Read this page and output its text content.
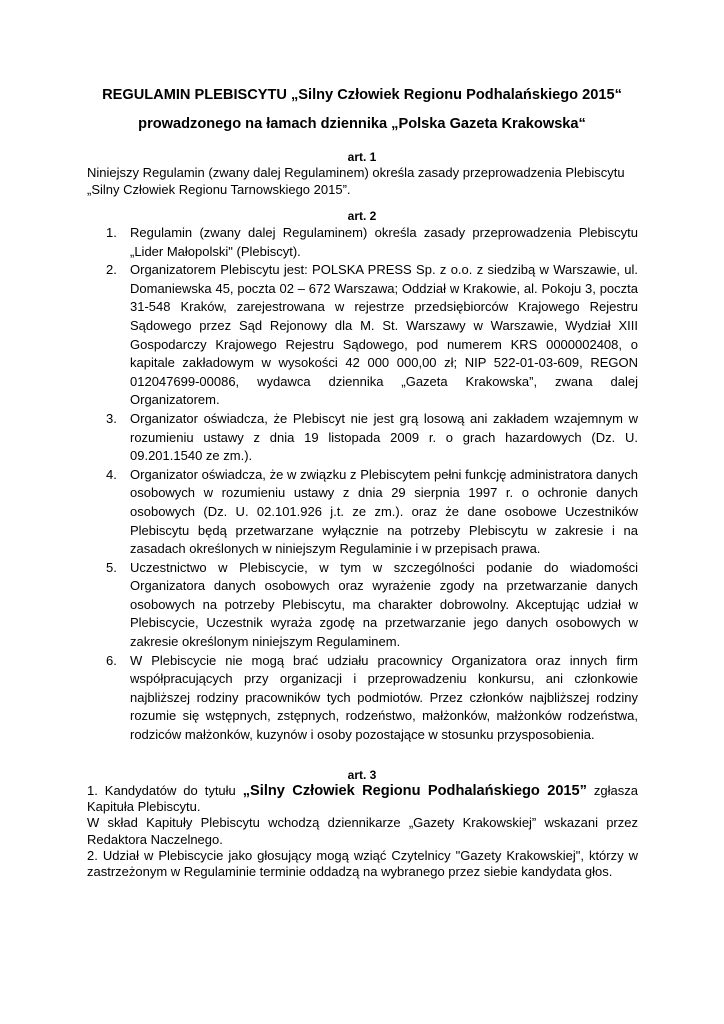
REGULAMIN PLEBISCYTU „Silny Człowiek Regionu Podhalańskiego 2015“
prowadzonego na łamach dziennika „Polska Gazeta Krakowska“
art. 1
Niniejszy Regulamin (zwany dalej Regulaminem) określa zasady przeprowadzenia Plebiscytu „Silny Człowiek Regionu Tarnowskiego 2015”.
art. 2
1. Regulamin (zwany dalej Regulaminem) określa zasady przeprowadzenia Plebiscytu „Lider Małopolski" (Plebiscyt).
2. Organizatorem Plebiscytu jest: POLSKA PRESS Sp. z o.o. z siedzibą w Warszawie, ul. Domaniewska 45, poczta 02 – 672 Warszawa; Oddział w Krakowie, al. Pokoju 3, poczta 31-548 Kraków, zarejestrowana w rejestrze przedsiębiorców Krajowego Rejestru Sądowego przez Sąd Rejonowy dla M. St. Warszawy w Warszawie, Wydział XIII Gospodarczy Krajowego Rejestru Sądowego, pod numerem KRS 0000002408, o kapitale zakładowym w wysokości 42 000 000,00 zł; NIP 522-01-03-609, REGON 012047699-00086, wydawca dziennika „Gazeta Krakowska”, zwana dalej Organizatorem.
3. Organizator oświadcza, że Plebiscyt nie jest grą losową ani zakładem wzajemnym w rozumieniu ustawy z dnia 19 listopada 2009 r. o grach hazardowych (Dz. U. 09.201.1540 ze zm.).
4. Organizator oświadcza, że w związku z Plebiscytem pełni funkcję administratora danych osobowych w rozumieniu ustawy z dnia 29 sierpnia 1997 r. o ochronie danych osobowych (Dz. U. 02.101.926 j.t. ze zm.). oraz że dane osobowe Uczestników Plebiscytu będą przetwarzane wyłącznie na potrzeby Plebiscytu w zakresie i na zasadach określonych w niniejszym Regulaminie i w przepisach prawa.
5. Uczestnictwo w Plebiscycie, w tym w szczególności podanie do wiadomości Organizatora danych osobowych oraz wyrażenie zgody na przetwarzanie danych osobowych na potrzeby Plebiscytu, ma charakter dobrowolny. Akceptując udział w Plebiscycie, Uczestnik wyraża zgodę na przetwarzanie jego danych osobowych w zakresie określonym niniejszym Regulaminem.
6. W Plebiscycie nie mogą brać udziału pracownicy Organizatora oraz innych firm współpracujących przy organizacji i przeprowadzeniu konkursu, ani członkowie najbliższej rodziny pracowników tych podmiotów. Przez członków najbliższej rodziny rozumie się wstępnych, zstępnych, rodzeństwo, małżonków, małżonków rodzeństwa, rodziców małżonków, kuzynów i osoby pozostające w stosunku przysposobienia.
art. 3
1. Kandydatów do tytułu „Silny Człowiek Regionu Podhalańskiego 2015” zgłasza Kapituła Plebiscytu.
W skład Kapituły Plebiscytu wchodzą dziennikarze „Gazety Krakowskiej” wskazani przez Redaktora Naczelnego.
2. Udział w Plebiscycie jako głosujący mogą wziąć Czytelnicy "Gazety Krakowskiej", którzy w zastrzeżonym w Regulaminie terminie oddadzą na wybranego przez siebie kandydata głos.
